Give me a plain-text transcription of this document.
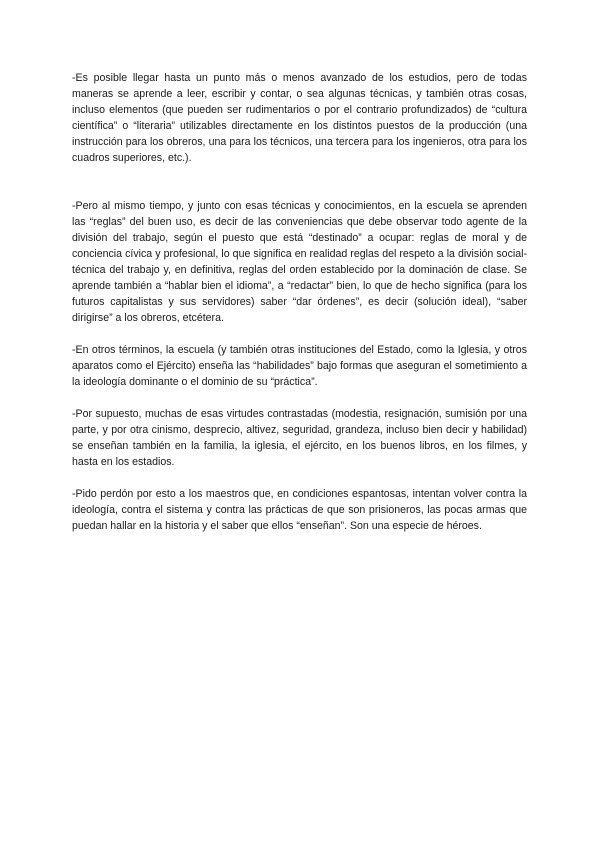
-Es posible llegar hasta un punto más o menos avanzado de los estudios, pero de todas maneras se aprende a leer, escribir y contar, o sea algunas técnicas, y también otras cosas, incluso elementos (que pueden ser rudimentarios o por el contrario profundizados) de “cultura científica” o “literaria” utilizables directamente en los distintos puestos de la producción (una instrucción para los obreros, una para los técnicos, una tercera para los ingenieros, otra para los cuadros superiores, etc.).

-Pero al mismo tiempo, y junto con esas técnicas y conocimientos, en la escuela se aprenden las “reglas” del buen uso, es decir de las conveniencias que debe observar todo agente de la división del trabajo, según el puesto que está “destinado” a ocupar: reglas de moral y de conciencia cívica y profesional, lo que significa en realidad reglas del respeto a la división social-técnica del trabajo y, en definitiva, reglas del orden establecido por la dominación de clase. Se aprende también a “hablar bien el idioma”, a “redactar” bien, lo que de hecho significa (para los futuros capitalistas y sus servidores) saber “dar órdenes”, es decir (solución ideal), “saber dirigirse” a los obreros, etcétera.

-En otros términos, la escuela (y también otras instituciones del Estado, como la Iglesia, y otros aparatos como el Ejército) enseña las “habilidades” bajo formas que aseguran el sometimiento a la ideología dominante o el dominio de su “práctica”.

-Por supuesto, muchas de esas virtudes contrastadas (modestia, resignación, sumisión por una parte, y por otra cinismo, desprecio, altivez, seguridad, grandeza, incluso bien decir y habilidad) se enseñan también en la familia, la iglesia, el ejército, en los buenos libros, en los filmes, y hasta en los estadios.

-Pido perdón por esto a los maestros que, en condiciones espantosas, intentan volver contra la ideología, contra el sistema y contra las prácticas de que son prisioneros, las pocas armas que puedan hallar en la historia y el saber que ellos “enseñan”. Son una especie de héroes.
